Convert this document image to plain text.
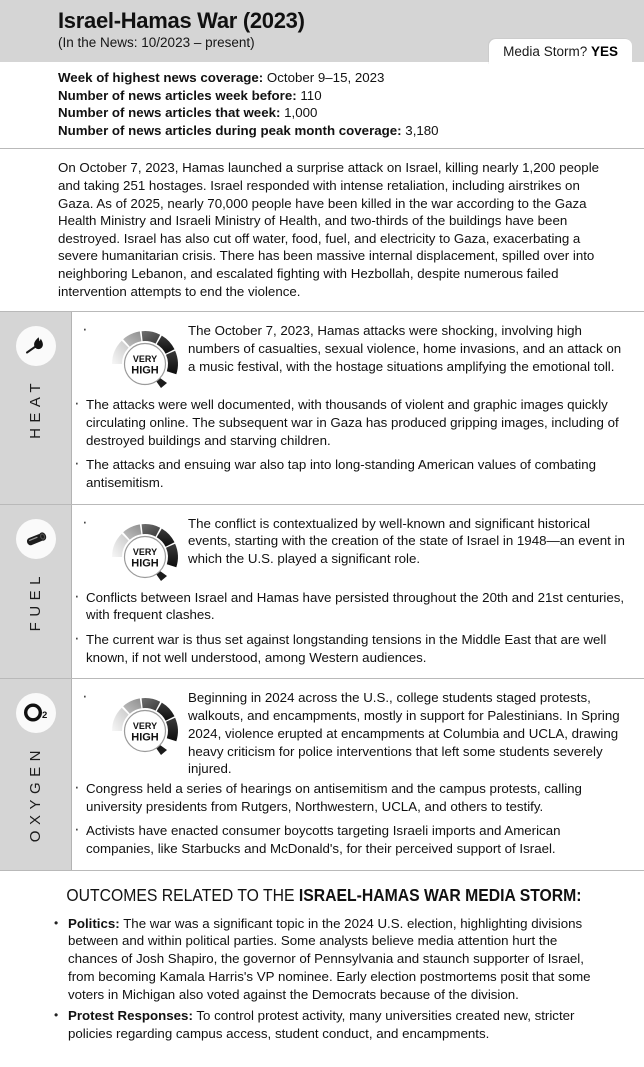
Israel-Hamas War (2023)
(In the News: 10/2023 – present)
Media Storm? YES
Week of highest news coverage: October 9–15, 2023
Number of news articles week before: 110
Number of news articles that week: 1,000
Number of news articles during peak month coverage: 3,180
On October 7, 2023, Hamas launched a surprise attack on Israel, killing nearly 1,200 people and taking 251 hostages. Israel responded with intense retaliation, including airstrikes on Gaza. As of 2025, nearly 70,000 people have been killed in the war according to the Gaza Health Ministry and Israeli Ministry of Health, and two-thirds of the buildings have been destroyed. Israel has also cut off water, food, fuel, and electricity to Gaza, exacerbating a severe humanitarian crisis. There has been massive internal displacement, spilled over into neighboring Lebanon, and escalated fighting with Hezbollah, despite numerous failed intervention attempts to end the violence.
HEAT
VERY
HIGH
· The October 7, 2023, Hamas attacks were shocking, involving high numbers of casualties, sexual violence, home invasions, and an attack on a music festival, with the hostage situations amplifying the emotional toll.
· The attacks were well documented, with thousands of violent and graphic images quickly circulating online. The subsequent war in Gaza has produced gripping images, including of destroyed buildings and starving children.
· The attacks and ensuing war also tap into long-standing American values of combating antisemitism.
FUEL
VERY
HIGH
· The conflict is contextualized by well-known and significant historical events, starting with the creation of the state of Israel in 1948—an event in which the U.S. played a significant role.
· Conflicts between Israel and Hamas have persisted throughout the 20th and 21st centuries, with frequent clashes.
· The current war is thus set against longstanding tensions in the Middle East that are well known, if not well understood, among Western audiences.
2
OXYGEN
VERY
HIGH
· Beginning in 2024 across the U.S., college students staged protests, walkouts, and encampments, mostly in support for Palestinians. In Spring 2024, violence erupted at encampments at Columbia and UCLA, drawing heavy criticism for police interventions that left some students severely injured.
· Congress held a series of hearings on antisemitism and the campus protests, calling university presidents from Rutgers, Northwestern, UCLA, and others to testify.
· Activists have enacted consumer boycotts targeting Israeli imports and American companies, like Starbucks and McDonald's, for their perceived support of Israel.
OUTCOMES RELATED TO THE ISRAEL-HAMAS WAR MEDIA STORM:
• Politics: The war was a significant topic in the 2024 U.S. election, highlighting divisions between and within political parties. Some analysts believe media attention hurt the chances of Josh Shapiro, the governor of Pennsylvania and staunch supporter of Israel, from becoming Kamala Harris's VP nominee. Early election postmortems posit that some voters in Michigan also voted against the Democrats because of the division.
• Protest Responses: To control protest activity, many universities created new, stricter policies regarding campus access, student conduct, and encampments.
